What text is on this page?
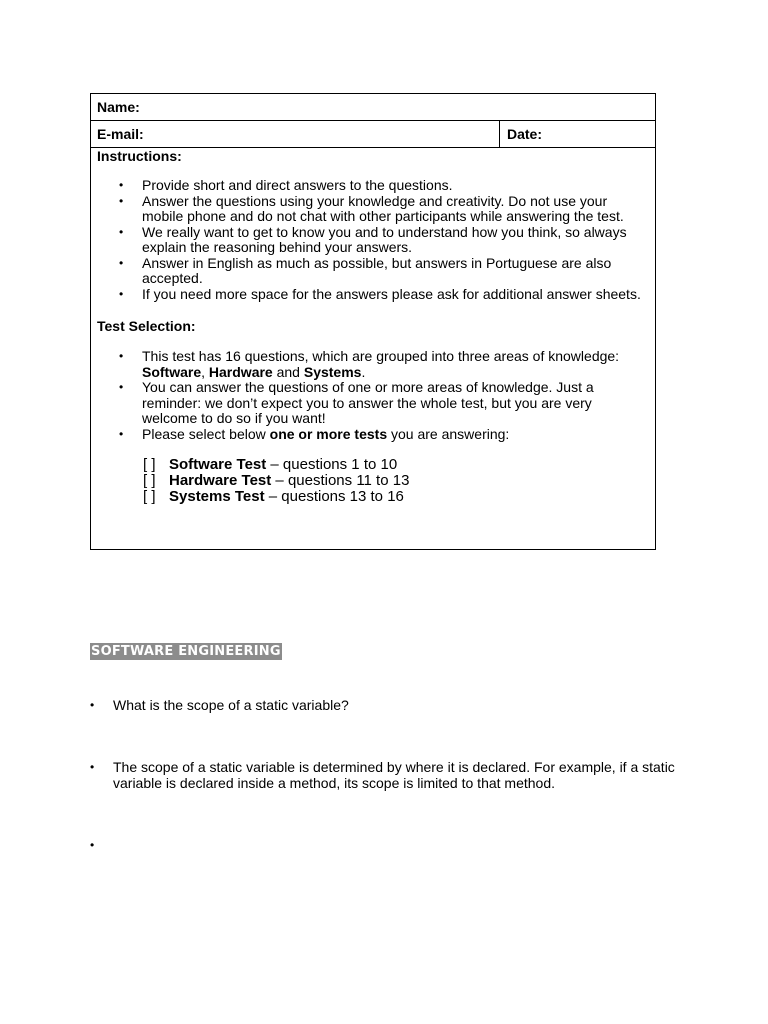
Name:
E-mail:	Date:
Instructions:
• Provide short and direct answers to the questions.
• Answer the questions using your knowledge and creativity. Do not use your mobile phone and do not chat with other participants while answering the test.
• We really want to get to know you and to understand how you think, so always explain the reasoning behind your answers.
• Answer in English as much as possible, but answers in Portuguese are also accepted.
• If you need more space for the answers please ask for additional answer sheets.
Test Selection:
• This test has 16 questions, which are grouped into three areas of knowledge: Software, Hardware and Systems.
• You can answer the questions of one or more areas of knowledge. Just a reminder: we don’t expect you to answer the whole test, but you are very welcome to do so if you want!
• Please select below one or more tests you are answering:
[ ] Software Test – questions 1 to 10
[ ] Hardware Test – questions 11 to 13
[ ] Systems Test – questions 13 to 16
SOFTWARE ENGINEERING
• What is the scope of a static variable?
• The scope of a static variable is determined by where it is declared. For example, if a static variable is declared inside a method, its scope is limited to that method.
•
